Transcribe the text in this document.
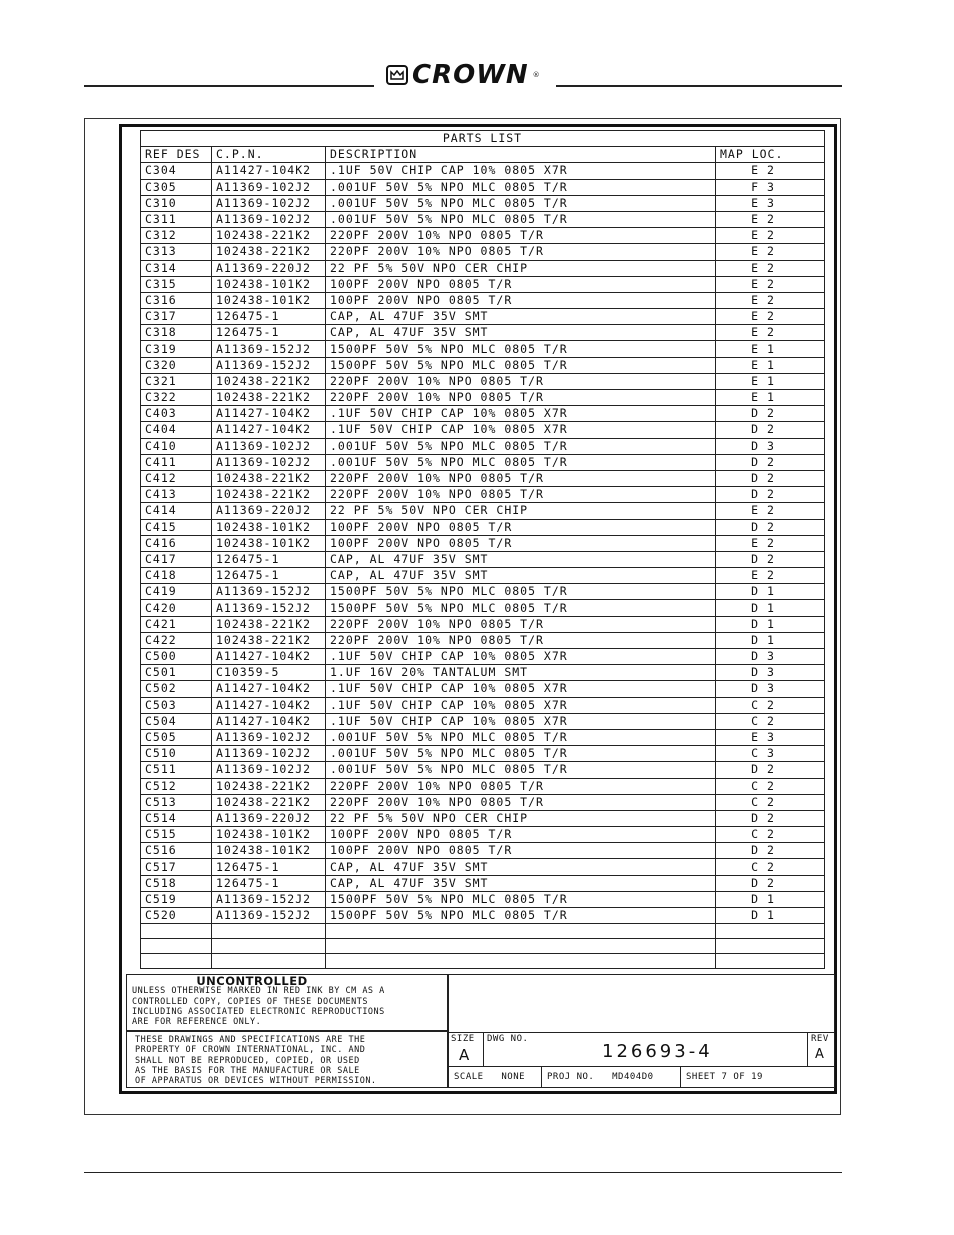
CROWN ®
PARTS LIST			
REF DES	C.P.N.	DESCRIPTION	MAP LOC.
C304	A11427-104K2	.1UF 50V CHIP CAP 10% 0805 X7R	E 2
C305	A11369-102J2	.001UF 50V 5% NPO MLC 0805 T/R	F 3
C310	A11369-102J2	.001UF 50V 5% NPO MLC 0805 T/R	E 3
C311	A11369-102J2	.001UF 50V 5% NPO MLC 0805 T/R	E 2
C312	102438-221K2	220PF 200V 10% NPO 0805 T/R	E 2
C313	102438-221K2	220PF 200V 10% NPO 0805 T/R	E 2
C314	A11369-220J2	22 PF 5% 50V NPO CER CHIP	E 2
C315	102438-101K2	100PF 200V NPO 0805 T/R	E 2
C316	102438-101K2	100PF 200V NPO 0805 T/R	E 2
C317	126475-1	CAP, AL 47UF 35V SMT	E 2
C318	126475-1	CAP, AL 47UF 35V SMT	E 2
C319	A11369-152J2	1500PF 50V 5% NPO MLC 0805 T/R	E 1
C320	A11369-152J2	1500PF 50V 5% NPO MLC 0805 T/R	E 1
C321	102438-221K2	220PF 200V 10% NPO 0805 T/R	E 1
C322	102438-221K2	220PF 200V 10% NPO 0805 T/R	E 1
C403	A11427-104K2	.1UF 50V CHIP CAP 10% 0805 X7R	D 2
C404	A11427-104K2	.1UF 50V CHIP CAP 10% 0805 X7R	D 2
C410	A11369-102J2	.001UF 50V 5% NPO MLC 0805 T/R	D 3
C411	A11369-102J2	.001UF 50V 5% NPO MLC 0805 T/R	D 2
C412	102438-221K2	220PF 200V 10% NPO 0805 T/R	D 2
C413	102438-221K2	220PF 200V 10% NPO 0805 T/R	D 2
C414	A11369-220J2	22 PF 5% 50V NPO CER CHIP	E 2
C415	102438-101K2	100PF 200V NPO 0805 T/R	D 2
C416	102438-101K2	100PF 200V NPO 0805 T/R	E 2
C417	126475-1	CAP, AL 47UF 35V SMT	D 2
C418	126475-1	CAP, AL 47UF 35V SMT	E 2
C419	A11369-152J2	1500PF 50V 5% NPO MLC 0805 T/R	D 1
C420	A11369-152J2	1500PF 50V 5% NPO MLC 0805 T/R	D 1
C421	102438-221K2	220PF 200V 10% NPO 0805 T/R	D 1
C422	102438-221K2	220PF 200V 10% NPO 0805 T/R	D 1
C500	A11427-104K2	.1UF 50V CHIP CAP 10% 0805 X7R	D 3
C501	C10359-5	1.UF 16V 20% TANTALUM SMT	D 3
C502	A11427-104K2	.1UF 50V CHIP CAP 10% 0805 X7R	D 3
C503	A11427-104K2	.1UF 50V CHIP CAP 10% 0805 X7R	C 2
C504	A11427-104K2	.1UF 50V CHIP CAP 10% 0805 X7R	C 2
C505	A11369-102J2	.001UF 50V 5% NPO MLC 0805 T/R	E 3
C510	A11369-102J2	.001UF 50V 5% NPO MLC 0805 T/R	C 3
C511	A11369-102J2	.001UF 50V 5% NPO MLC 0805 T/R	D 2
C512	102438-221K2	220PF 200V 10% NPO 0805 T/R	C 2
C513	102438-221K2	220PF 200V 10% NPO 0805 T/R	C 2
C514	A11369-220J2	22 PF 5% 50V NPO CER CHIP	D 2
C515	102438-101K2	100PF 200V NPO 0805 T/R	C 2
C516	102438-101K2	100PF 200V NPO 0805 T/R	D 2
C517	126475-1	CAP, AL 47UF 35V SMT	C 2
C518	126475-1	CAP, AL 47UF 35V SMT	D 2
C519	A11369-152J2	1500PF 50V 5% NPO MLC 0805 T/R	D 1
C520	A11369-152J2	1500PF 50V 5% NPO MLC 0805 T/R	D 1

UNCONTROLLED
UNLESS OTHERWISE MARKED IN RED INK BY CM AS A
CONTROLLED COPY, COPIES OF THESE DOCUMENTS
INCLUDING ASSOCIATED ELECTRONIC REPRODUCTIONS
ARE FOR REFERENCE ONLY.
THESE DRAWINGS AND SPECIFICATIONS ARE THE
PROPERTY OF CROWN INTERNATIONAL, INC. AND
SHALL NOT BE REPRODUCED, COPIED, OR USED
AS THE BASIS FOR THE MANUFACTURE OR SALE
OF APPARATUS OR DEVICES WITHOUT PERMISSION.
SIZE
A
DWG NO.
126693-4
REV
A
SCALE NONE	PROJ NO. MD404D0	SHEET 7 OF 19
